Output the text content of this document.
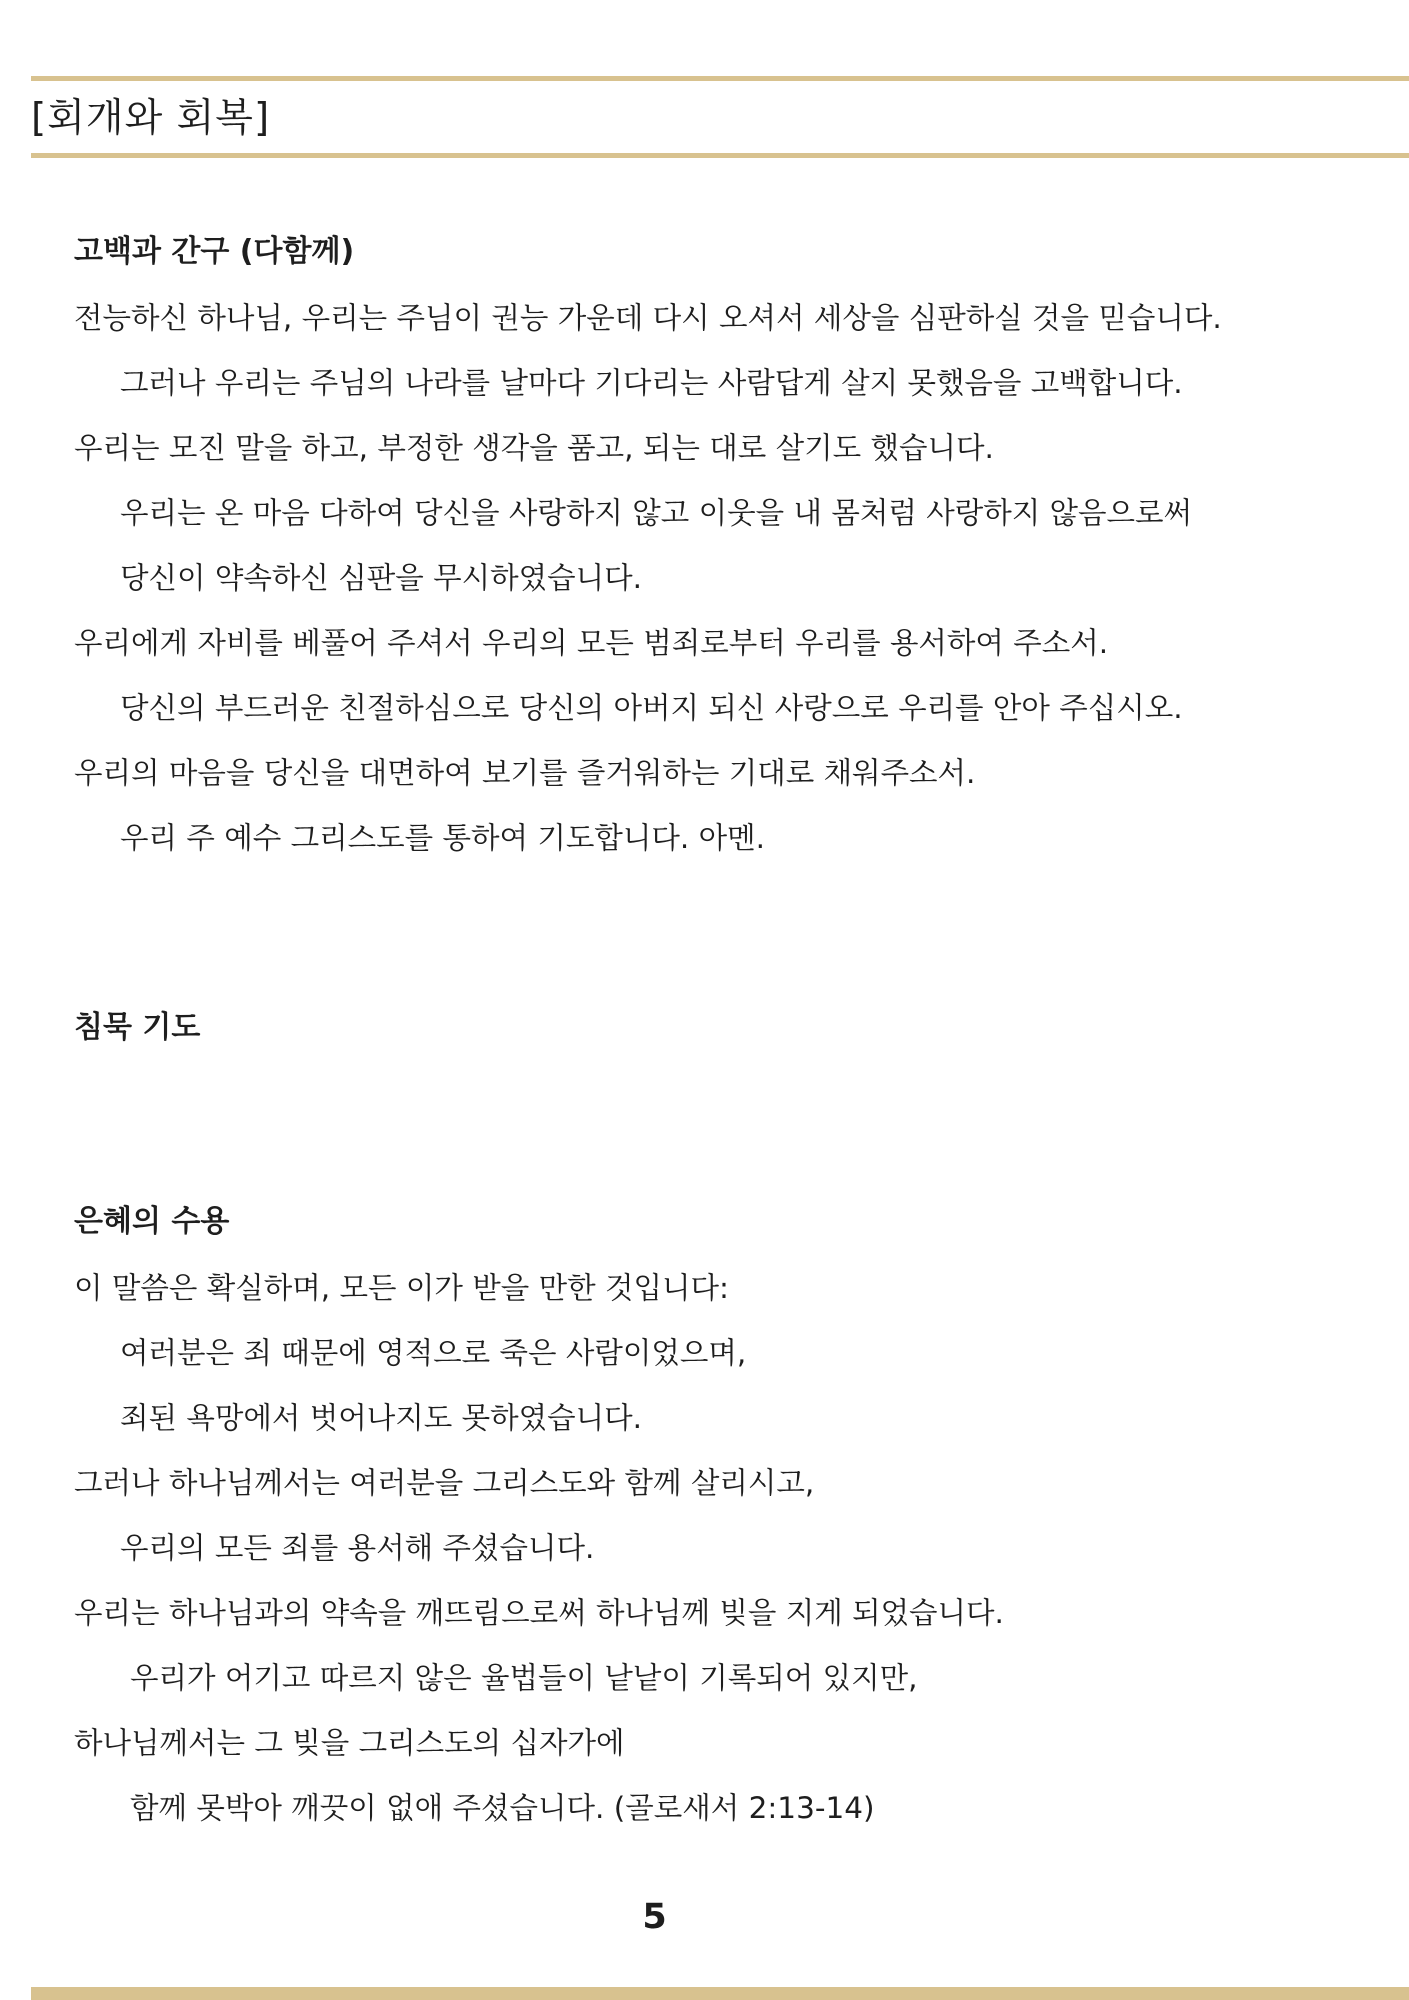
[회개와 회복]
고백과 간구 (다함께)
전능하신 하나님, 우리는 주님이 권능 가운데 다시 오셔서 세상을 심판하실 것을 믿습니다.
그러나 우리는 주님의 나라를 날마다 기다리는 사람답게 살지 못했음을 고백합니다.
우리는 모진 말을 하고, 부정한 생각을 품고, 되는 대로 살기도 했습니다.
우리는 온 마음 다하여 당신을 사랑하지 않고 이웃을 내 몸처럼 사랑하지 않음으로써
당신이 약속하신 심판을 무시하였습니다.
우리에게 자비를 베풀어 주셔서 우리의 모든 범죄로부터 우리를 용서하여 주소서.
당신의 부드러운 친절하심으로 당신의 아버지 되신 사랑으로 우리를 안아 주십시오.
우리의 마음을 당신을 대면하여 보기를 즐거워하는 기대로 채워주소서.
우리 주 예수 그리스도를 통하여 기도합니다. 아멘.
침묵 기도
은혜의 수용
이 말씀은 확실하며, 모든 이가 받을 만한 것입니다:
여러분은 죄 때문에 영적으로 죽은 사람이었으며,
죄된 욕망에서 벗어나지도 못하였습니다.
그러나 하나님께서는 여러분을 그리스도와 함께 살리시고,
우리의 모든 죄를 용서해 주셨습니다.
우리는 하나님과의 약속을 깨뜨림으로써 하나님께 빚을 지게 되었습니다.
우리가 어기고 따르지 않은 율법들이 낱낱이 기록되어 있지만,
하나님께서는 그 빚을 그리스도의 십자가에
함께 못박아 깨끗이 없애 주셨습니다. (골로새서 2:13-14)
5
